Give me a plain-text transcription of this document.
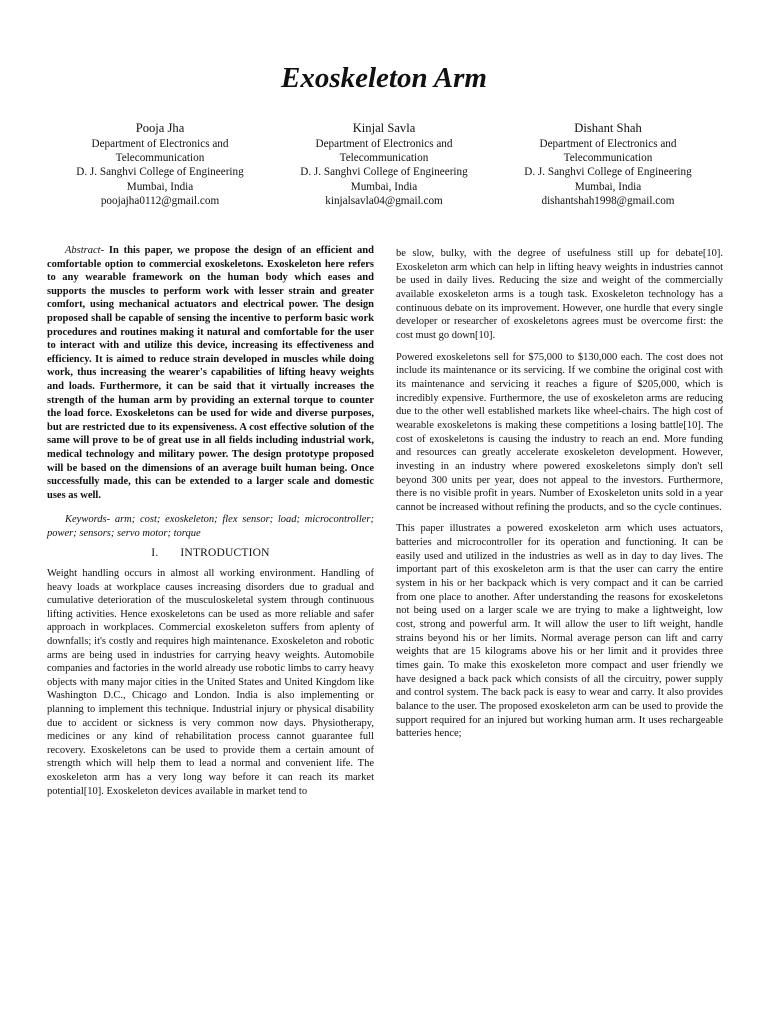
Exoskeleton Arm
Pooja Jha
Department of Electronics and
Telecommunication
D. J. Sanghvi College of Engineering
Mumbai, India
poojajha0112@gmail.com
Kinjal Savla
Department of Electronics and
Telecommunication
D. J. Sanghvi College of Engineering
Mumbai, India
kinjalsavla04@gmail.com
Dishant Shah
Department of Electronics and
Telecommunication
D. J. Sanghvi College of Engineering
Mumbai, India
dishantshah1998@gmail.com

Abstract- In this paper, we propose the design of an efficient and comfortable option to commercial exoskeletons. Exoskeleton here refers to any wearable framework on the human body which eases and supports the muscles to perform work with lesser strain and greater comfort, using mechanical actuators and electrical power. The design proposed shall be capable of sensing the incentive to perform basic work procedures and routines making it natural and comfortable for the user to interact with and utilize this device, increasing its effectiveness and efficiency. It is aimed to reduce strain developed in muscles while doing work, thus increasing the wearer's capabilities of lifting heavy weights and loads. Furthermore, it can be said that it virtually increases the strength of the human arm by providing an external torque to counter the load force. Exoskeletons can be used for wide and diverse purposes, but are restricted due to its expensiveness. A cost effective solution of the same will prove to be of great use in all fields including industrial work, medical technology and military power. The design prototype proposed will be based on the dimensions of an average built human being. Once successfully made, this can be extended to a larger scale and domestic uses as well.

Keywords- arm; cost; exoskeleton; flex sensor; load; microcontroller; power; sensors; servo motor; torque

I. INTRODUCTION

Weight handling occurs in almost all working environment. Handling of heavy loads at workplace causes increasing disorders due to gradual and cumulative deterioration of the musculoskeletal system through continuous lifting activities. Hence exoskeletons can be used as more reliable and safer approach in workplaces. Commercial exoskeleton suffers from aplenty of downfalls; it's costly and requires high maintenance. Exoskeleton and robotic arms are being used in industries for carrying heavy weights. Automobile companies and factories in the world already use robotic limbs to carry heavy objects with many major cities in the United States and United Kingdom like Washington D.C., Chicago and London. India is also implementing or planning to implement this technique. Industrial injury or physical disability due to accident or sickness is very common now days. Physiotherapy, medicines or any kind of rehabilitation process cannot guarantee full recovery. Exoskeletons can be used to provide them a certain amount of strength which will help them to lead a normal and convenient life. The exoskeleton arm has a very long way before it can reach its market potential[10]. Exoskeleton devices available in market tend to

be slow, bulky, with the degree of usefulness still up for debate[10]. Exoskeleton arm which can help in lifting heavy weights in industries cannot be used in daily lives. Reducing the size and weight of the commercially available exoskeleton arms is a tough task. Exoskeleton technology has a continuous debate on its improvement. However, one hurdle that every single developer or researcher of exoskeletons agrees must be overcome first: the cost must go down[10].

Powered exoskeletons sell for $75,000 to $130,000 each. The cost does not include its maintenance or its servicing. If we combine the original cost with its maintenance and servicing it reaches a figure of $205,000, which is incredibly expensive. Furthermore, the use of exoskeleton arms are reducing due to the other well established markets like wheel-chairs. The high cost of wearable exoskeletons is making these competitions a losing battle[10]. The cost of exoskeletons is causing the industry to reach an end. More funding and resources can greatly accelerate exoskeleton development. However, investing in an industry where powered exoskeletons simply don't sell beyond 300 units per year, does not appeal to the investors. Furthermore, there is no visible profit in years. Number of Exoskeleton units sold in a year cannot be increased without refining the products, and so the cycle continues.

This paper illustrates a powered exoskeleton arm which uses actuators, batteries and microcontroller for its operation and functioning. It can be easily used and utilized in the industries as well as in day to day lives. The important part of this exoskeleton arm is that the user can carry the entire system in his or her backpack which is very compact and it can be carried from one place to another. After understanding the reasons for exoskeletons not being used on a larger scale we are trying to make a lightweight, low cost, strong and powerful arm. It will allow the user to lift weight, handle strains beyond his or her limits. Normal average person can lift and carry weights that are 15 kilograms above his or her limit and it provides three times gain. To make this exoskeleton more compact and user friendly we have designed a back pack which consists of all the circuitry, power supply and control system. The back pack is easy to wear and carry. It also provides balance to the user. The proposed exoskeleton arm can be used to provide the support required for an injured but working human arm. It uses rechargeable batteries hence;
